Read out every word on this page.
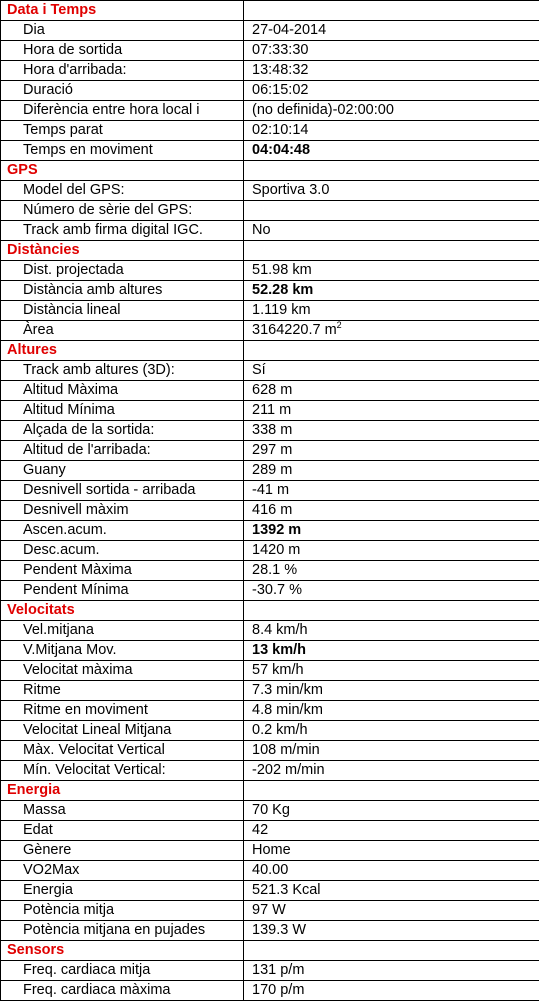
Data i Temps	
Dia	27-04-2014
Hora de sortida	07:33:30
Hora d'arribada:	13:48:32
Duració	06:15:02
Diferència entre hora local i	(no definida)-02:00:00
Temps parat	02:10:14
Temps en moviment	04:04:48
GPS	
Model del GPS:	Sportiva 3.0
Número de sèrie del GPS:	
Track amb firma digital IGC.	No
Distàncies	
Dist. projectada	51.98 km
Distància amb altures	52.28 km
Distància lineal	1.119 km
Àrea	3164220.7 $m^2$
Altures	
Track amb altures (3D):	Sí
Altitud Màxima	628 m
Altitud Mínima	211 m
Alçada de la sortida:	338 m
Altitud de l'arribada:	297 m
Guany	289 m
Desnivell sortida - arribada	-41 m
Desnivell màxim	416 m
Ascen.acum.	1392 m
Desc.acum.	1420 m
Pendent Màxima	28.1 %
Pendent Mínima	-30.7 %
Velocitats	
Vel.mitjana	8.4 km/h
V.Mitjana Mov.	13 km/h
Velocitat màxima	57 km/h
Ritme	7.3 min/km
Ritme en moviment	4.8 min/km
Velocitat Lineal Mitjana	0.2 km/h
Màx. Velocitat Vertical	108 m/min
Mín. Velocitat Vertical:	-202 m/min
Energia	
Massa	70 Kg
Edat	42
Gènere	Home
VO2Max	40.00
Energia	521.3 Kcal
Potència mitja	97 W
Potència mitjana en pujades	139.3 W
Sensors	
Freq. cardiaca mitja	131 p/m
Freq. cardiaca màxima	170 p/m
